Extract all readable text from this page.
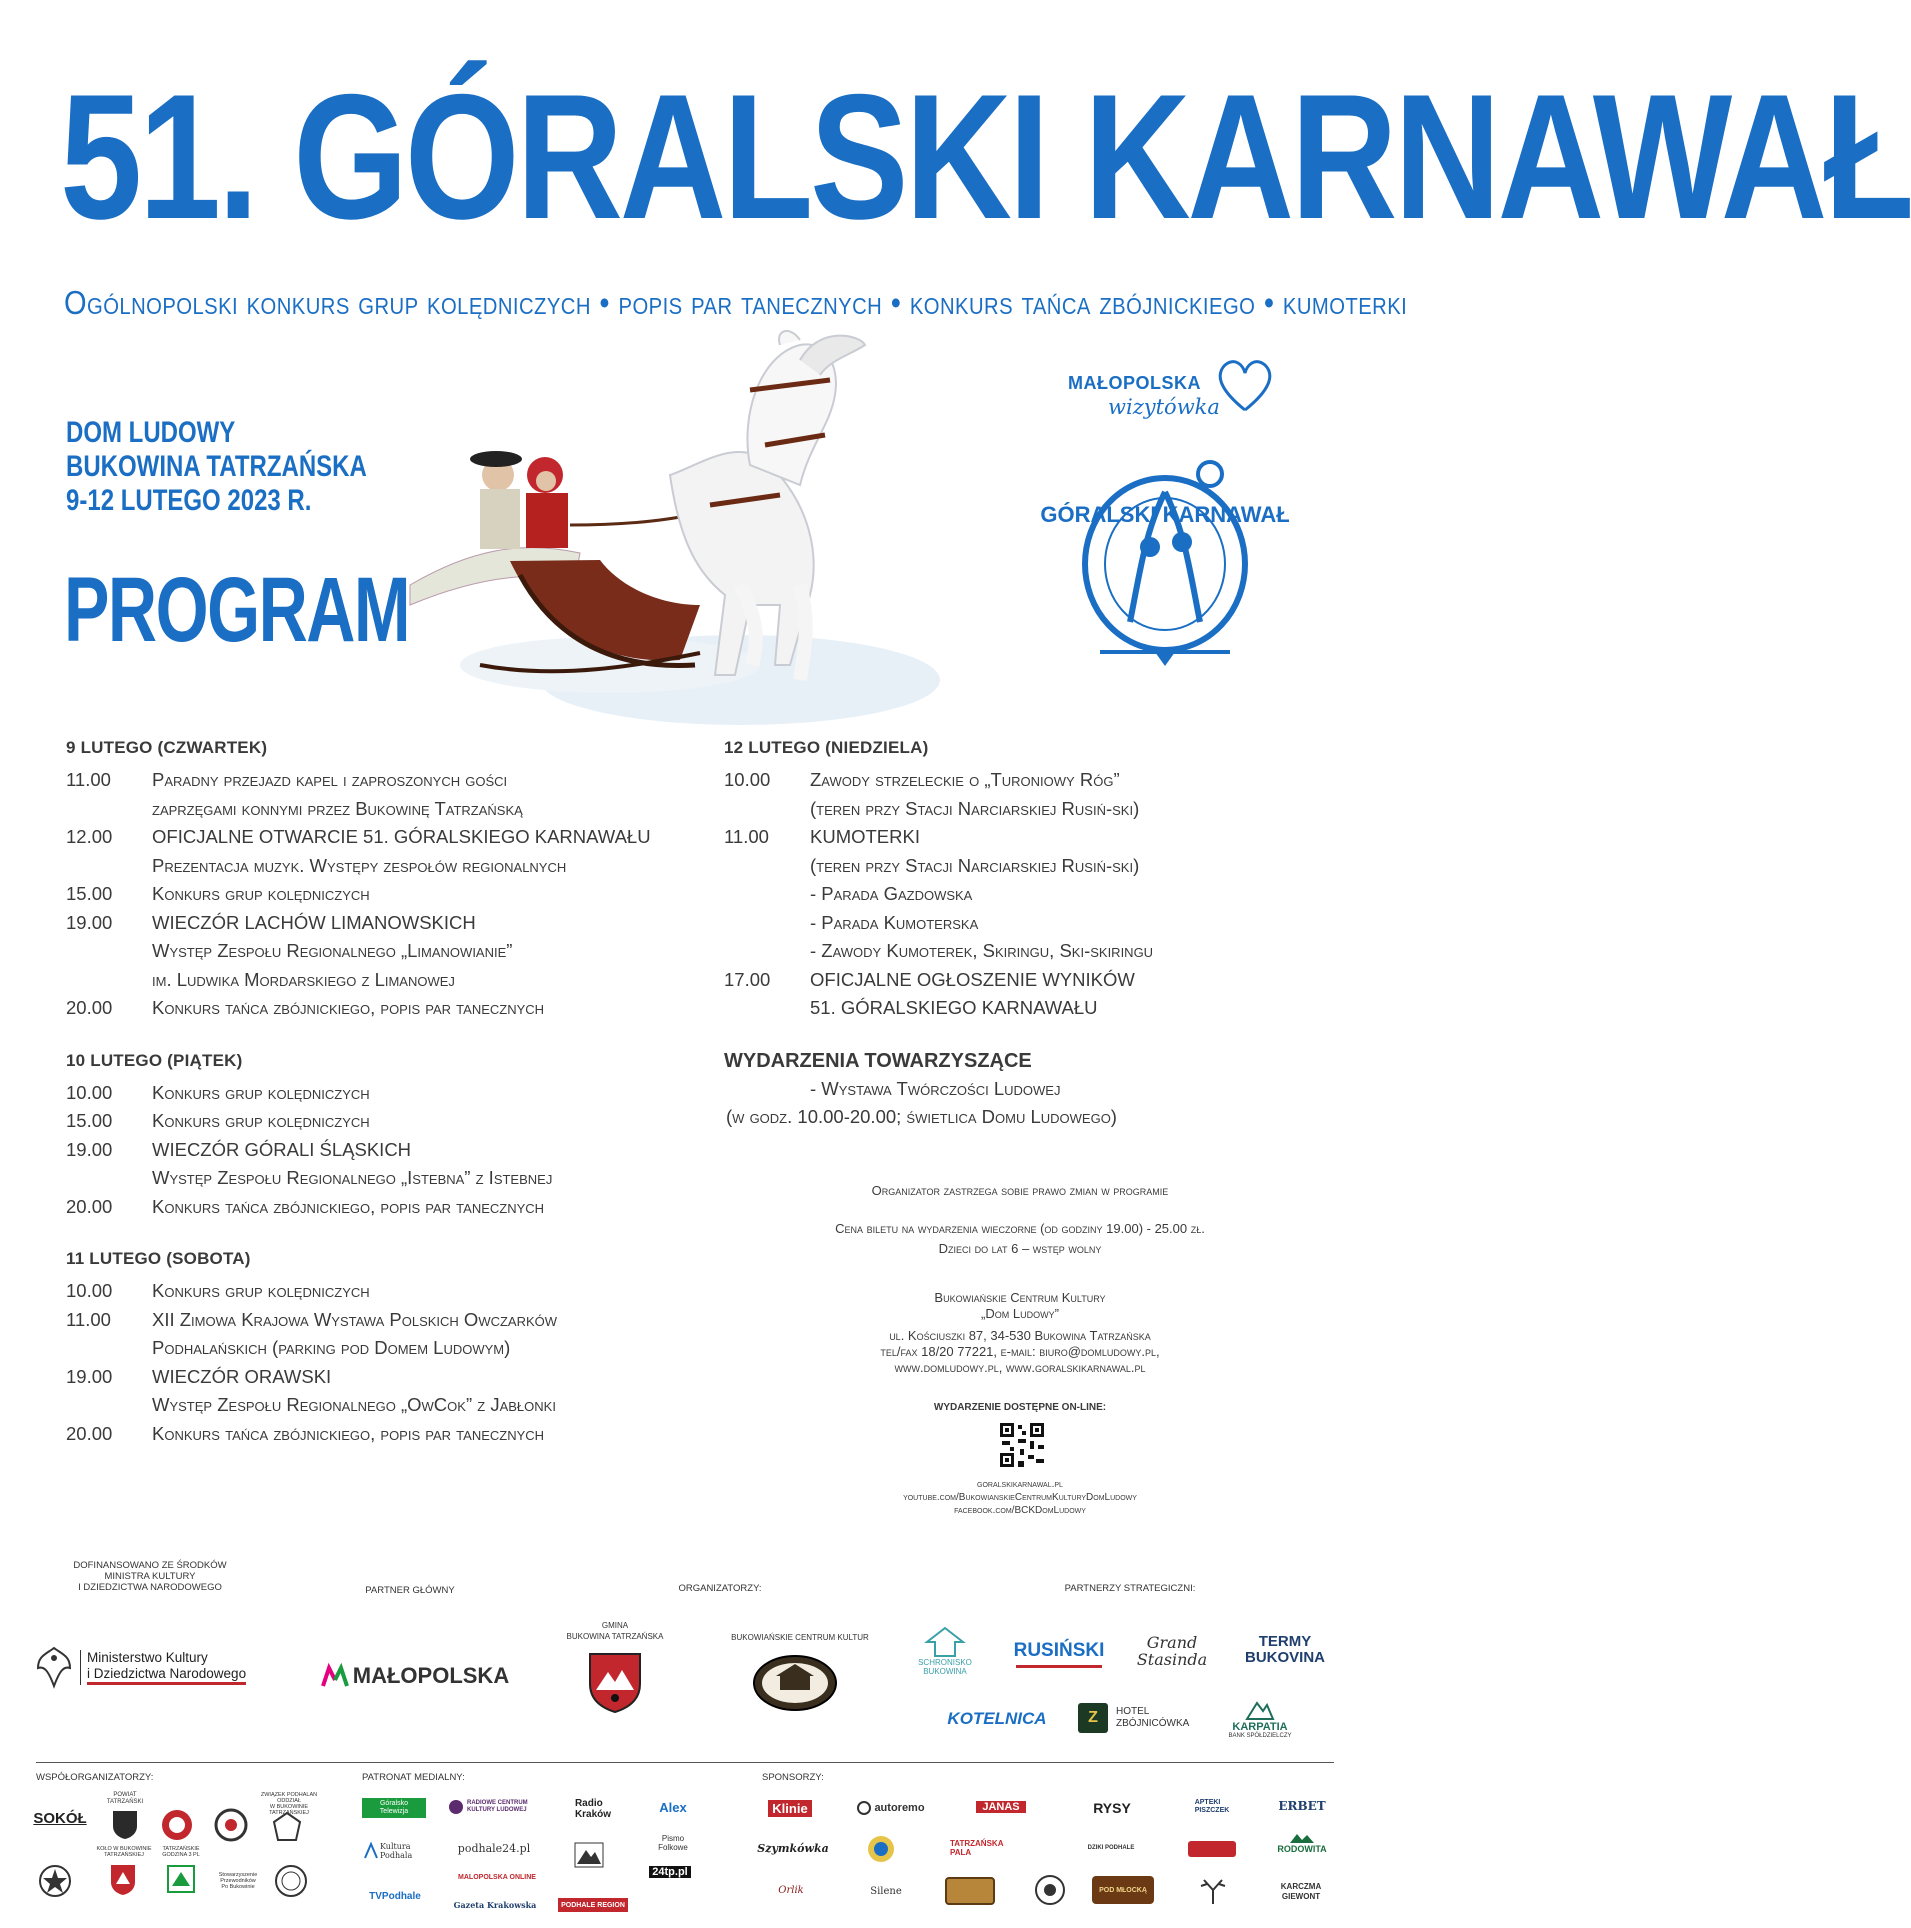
51. GÓRALSKI KARNAWAŁ
Ogólnopolski konkurs grup kolędniczych • popis par tanecznych • konkurs tańca zbójnickiego • kumoterki
DOM LUDOWY
BUKOWINA TATRZAŃSKA
9-12 LUTEGO 2023 R.
PROGRAM
MAŁOPOLSKA
wizytówka
GÓRALSKI KARNAWAŁ
9 LUTEGO (CZWARTEK)
11.00	Paradny przejazd kapel i zaproszonych gości
zaprzęgami konnymi przez Bukowinę Tatrzańską
12.00	OFICJALNE OTWARCIE 51. GÓRALSKIEGO KARNAWAŁU
Prezentacja muzyk. Występy zespołów regionalnych
15.00	Konkurs grup kolędniczych
19.00	WIECZÓR LACHÓW LIMANOWSKICH
Występ Zespołu Regionalnego „Limanowianie”
im. Ludwika Mordarskiego z Limanowej
20.00	Konkurs tańca zbójnickiego, popis par tanecznych
10 LUTEGO (PIĄTEK)
10.00	Konkurs grup kolędniczych
15.00	Konkurs grup kolędniczych
19.00	WIECZÓR GÓRALI ŚLĄSKICH
Występ Zespołu Regionalnego „Istebna” z Istebnej
20.00	Konkurs tańca zbójnickiego, popis par tanecznych
11 LUTEGO (SOBOTA)
10.00	Konkurs grup kolędniczych
11.00	XII Zimowa Krajowa Wystawa Polskich Owczarków
Podhalańskich (parking pod Domem Ludowym)
19.00	WIECZÓR ORAWSKI
Występ Zespołu Regionalnego „OwCok” z Jabłonki
20.00	Konkurs tańca zbójnickiego, popis par tanecznych
12 LUTEGO (NIEDZIELA)
10.00	Zawody strzeleckie o „Turoniowy Róg”
(teren przy Stacji Narciarskiej Rusiń-ski)
11.00	KUMOTERKI
(teren przy Stacji Narciarskiej Rusiń-ski)
- Parada Gazdowska
- Parada Kumoterska
- Zawody Kumoterek, Skiringu, Ski-skiringu
17.00	OFICJALNE OGŁOSZENIE WYNIKÓW
51. GÓRALSKIEGO KARNAWAŁU
WYDARZENIA TOWARZYSZĄCE
- Wystawa Twórczości Ludowej
(w godz. 10.00-20.00; świetlica Domu Ludowego)
Organizator zastrzega sobie prawo zmian w programie
Cena biletu na wydarzenia wieczorne (od godziny 19.00) - 25.00 zł.
Dzieci do lat 6 – wstęp wolny
Bukowiańskie Centrum Kultury
„Dom Ludowy”
ul. Kościuszki 87, 34-530 Bukowina Tatrzańska
tel/fax 18/20 77221, e-mail: biuro@domludowy.pl,
www.domludowy.pl, www.goralskikarnawal.pl
WYDARZENIE DOSTĘPNE ON-LINE:
goralskikarnawal.pl
youtube.com/BukowianskieCentrumKulturyDomLudowy
facebook.com/BCKDomLudowy
DOFINANSOWANO ZE ŚRODKÓW
MINISTRA KULTURY
I DZIEDZICTWA NARODOWEGO	PARTNER GŁÓWNY	ORGANIZATORZY:	PARTNERZY STRATEGICZNI:
Ministerstwo Kultury
i Dziedzictwa Narodowego	MAŁOPOLSKA
GMINA
BUKOWINA TATRZAŃSKA	BUKOWIAŃSKIE CENTRUM KULTUR
SCHRONISKO
BUKOWINA
RUSIŃSKI	Grand
Stasinda
TERMY
BUKOVINA
KOTELNICA	Z	HOTEL
ZBÓJNICÓWKA	KARPATIA
BANK SPÓŁDZIELCZY
WSPÓŁORGANIZATORZY:	PATRONAT MEDIALNY:	SPONSORZY:
SOKÓŁ
POWIAT
TATRZAŃSKI
ZWIĄZEK PODHALAN
ODDZIAŁ
W BUKOWINIE TATRZAŃSKIEJ
KOŁO W BUKOWINIE
TATRZAŃSKIEJ
TATRZAŃSKIE
GODZINA 3 PL
Stowarzyszenie
Przewodników
Po Bukowinie
Góralsko
Telewizja
RADIOWE CENTRUM
KULTURY LUDOWEJ
Radio
Kraków	Alex
Kultura
Podhala
podhale24.pl
Pismo
Folkowe
MALOPOLSKA ONLINE	24tp.pl
TVPodhale
Gazeta Krakowska	PODHALE REGION
Klinie	autoremo	JANAS	RYSY	APTEKI
PISZCZEK	ERBET
Szymkówka	TATRZAŃSKA PALA	DZIKI PODHALE	RODOWITA
Orlik	Silene	POD MŁOCKĄ	KARCZMA
GIEWONT
